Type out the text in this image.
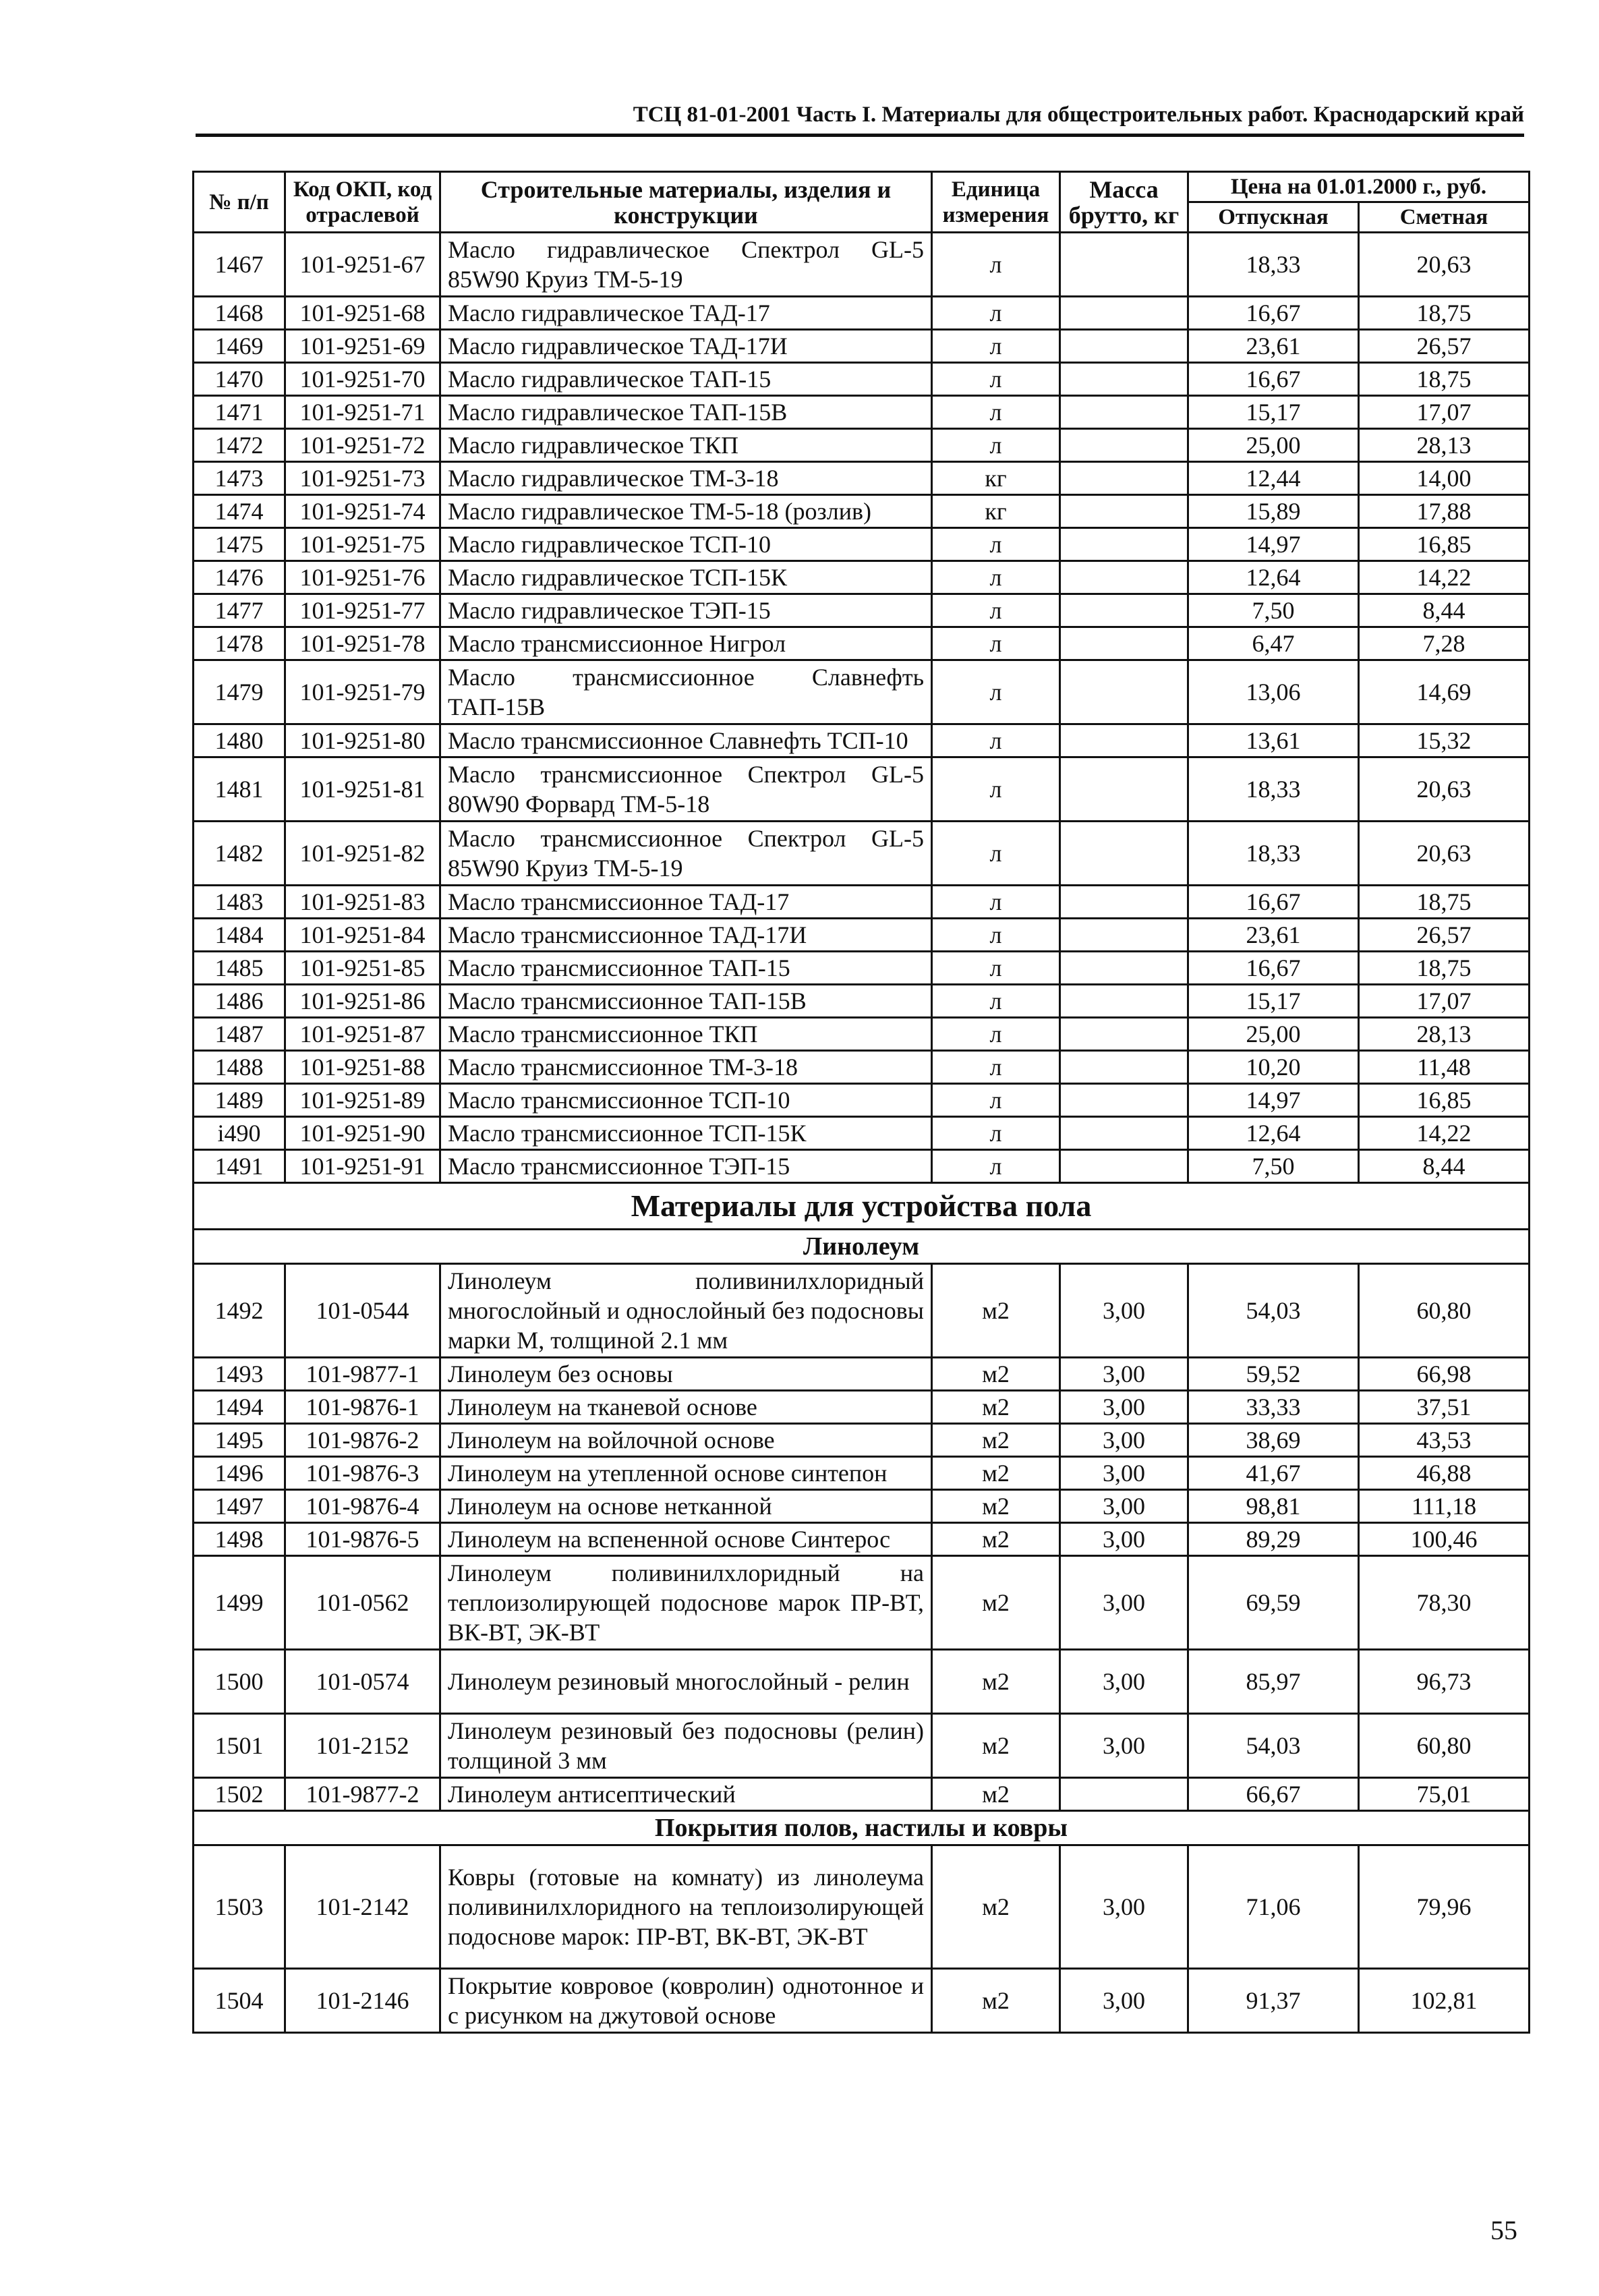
ТСЦ 81-01-2001 Часть I. Материалы для общестроительных работ. Краснодарский край
№ п/п	Код ОКП, код отраслевой	Строительные материалы, изделия и конструкции	Единица измерения	Масса брутто, кг	Цена на 01.01.2000 г., руб.	
					Отпускная	Сметная
1467	101-9251-67	Масло гидравлическое Спектрол GL-5 85W90 Круиз ТМ-5-19	л		18,33	20,63
1468	101-9251-68	Масло гидравлическое ТАД-17	л		16,67	18,75
1469	101-9251-69	Масло гидравлическое ТАД-17И	л		23,61	26,57
1470	101-9251-70	Масло гидравлическое ТАП-15	л		16,67	18,75
1471	101-9251-71	Масло гидравлическое ТАП-15В	л		15,17	17,07
1472	101-9251-72	Масло гидравлическое ТКП	л		25,00	28,13
1473	101-9251-73	Масло гидравлическое ТМ-3-18	кг		12,44	14,00
1474	101-9251-74	Масло гидравлическое ТМ-5-18 (розлив)	кг		15,89	17,88
1475	101-9251-75	Масло гидравлическое ТСП-10	л		14,97	16,85
1476	101-9251-76	Масло гидравлическое ТСП-15К	л		12,64	14,22
1477	101-9251-77	Масло гидравлическое ТЭП-15	л		7,50	8,44
1478	101-9251-78	Масло трансмиссионное Нигрол	л		6,47	7,28
1479	101-9251-79	Масло трансмиссионное Славнефть ТАП-15В	л		13,06	14,69
1480	101-9251-80	Масло трансмиссионное Славнефть ТСП-10	л		13,61	15,32
1481	101-9251-81	Масло трансмиссионное Спектрол GL-5 80W90 Форвард ТМ-5-18	л		18,33	20,63
1482	101-9251-82	Масло трансмиссионное Спектрол GL-5 85W90 Круиз ТМ-5-19	л		18,33	20,63
1483	101-9251-83	Масло трансмиссионное ТАД-17	л		16,67	18,75
1484	101-9251-84	Масло трансмиссионное ТАД-17И	л		23,61	26,57
1485	101-9251-85	Масло трансмиссионное ТАП-15	л		16,67	18,75
1486	101-9251-86	Масло трансмиссионное ТАП-15В	л		15,17	17,07
1487	101-9251-87	Масло трансмиссионное ТКП	л		25,00	28,13
1488	101-9251-88	Масло трансмиссионное ТМ-3-18	л		10,20	11,48
1489	101-9251-89	Масло трансмиссионное ТСП-10	л		14,97	16,85
i490	101-9251-90	Масло трансмиссионное ТСП-15К	л		12,64	14,22
1491	101-9251-91	Масло трансмиссионное ТЭП-15	л		7,50	8,44
Материалы для устройства пола						
Линолеум						
1492	101-0544	Линолеум поливинилхлоридный многослойный и однослойный без подосновы марки М, толщиной 2.1 мм	м2	3,00	54,03	60,80
1493	101-9877-1	Линолеум без основы	м2	3,00	59,52	66,98
1494	101-9876-1	Линолеум на тканевой основе	м2	3,00	33,33	37,51
1495	101-9876-2	Линолеум на войлочной основе	м2	3,00	38,69	43,53
1496	101-9876-3	Линолеум на утепленной основе синтепон	м2	3,00	41,67	46,88
1497	101-9876-4	Линолеум на основе нетканной	м2	3,00	98,81	111,18
1498	101-9876-5	Линолеум на вспененной основе Синтерос	м2	3,00	89,29	100,46
1499	101-0562	Линолеум поливинилхлоридный на теплоизолирующей подоснове марок ПР-ВТ, ВК-ВТ, ЭК-ВТ	м2	3,00	69,59	78,30
1500	101-0574	Линолеум резиновый многослойный - релин	м2	3,00	85,97	96,73
1501	101-2152	Линолеум резиновый без подосновы (релин) толщиной 3 мм	м2	3,00	54,03	60,80
1502	101-9877-2	Линолеум антисептический	м2		66,67	75,01
Покрытия полов, настилы и ковры						
1503	101-2142	Ковры (готовые на комнату) из линолеума поливинилхлоридного на теплоизолирующей подоснове марок: ПР-ВТ, ВК-ВТ, ЭК-ВТ	м2	3,00	71,06	79,96
1504	101-2146	Покрытие ковровое (ковролин) однотонное и с рисунком на джутовой основе	м2	3,00	91,37	102,81
55
